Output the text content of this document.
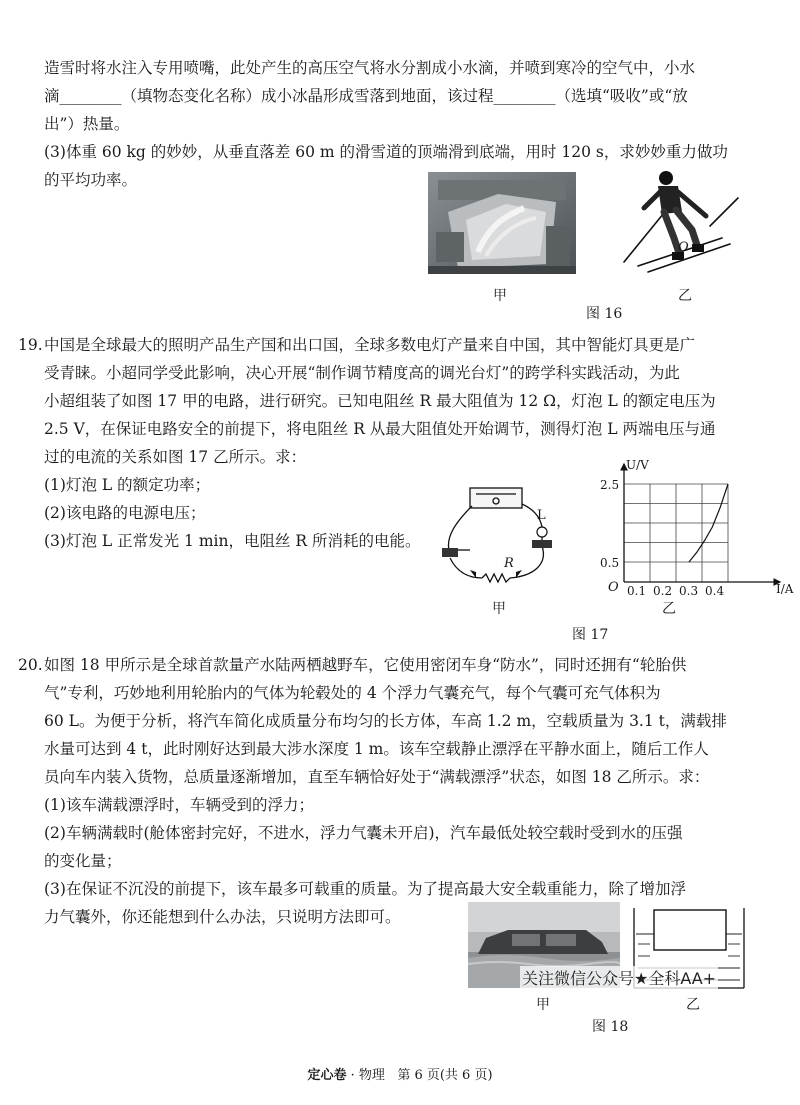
造雪时将水注入专用喷嘴，此处产生的高压空气将水分割成小水滴，并喷到寒冷的空气中，小水
滴________（填物态变化名称）成小冰晶形成雪落到地面，该过程________（选填“吸收”或“放
出”）热量。
(3)体重 60 kg 的妙妙，从垂直落差 60 m 的滑雪道的顶端滑到底端，用时 120 s，求妙妙重力做功
的平均功率。
O
甲	乙
图 16
19. 中国是全球最大的照明产品生产国和出口国，全球多数电灯产量来自中国，其中智能灯具更是广
受青睐。小超同学受此影响，决心开展“制作调节精度高的调光台灯”的跨学科实践活动，为此
小超组装了如图 17 甲的电路，进行研究。已知电阻丝 R 最大阻值为 12 Ω，灯泡 L 的额定电压为
2.5 V，在保证电路安全的前提下，将电阻丝 R 从最大阻值处开始调节，测得灯泡 L 两端电压与通
过的电流的关系如图 17 乙所示。求：
(1)灯泡 L 的额定功率；
(2)该电路的电源电压；
(3)灯泡 L 正常发光 1 min，电阻丝 R 所消耗的电能。
L
R
甲
U/V
I/A
O
2.5
0.5
0.1 0.2 0.3 0.4
乙
图 17
20. 如图 18 甲所示是全球首款量产水陆两栖越野车，它使用密闭车身“防水”，同时还拥有“轮胎供
气”专利，巧妙地利用轮胎内的气体为轮毂处的 4 个浮力气囊充气，每个气囊可充气体积为
60 L。为便于分析，将汽车简化成质量分布均匀的长方体，车高 1.2 m，空载质量为 3.1 t，满载排
水量可达到 4 t，此时刚好达到最大涉水深度 1 m。该车空载静止漂浮在平静水面上，随后工作人
员向车内装入货物，总质量逐渐增加，直至车辆恰好处于“满载漂浮”状态，如图 18 乙所示。求：
(1)该车满载漂浮时，车辆受到的浮力；
(2)车辆满载时(舱体密封完好，不进水，浮力气囊未开启)，汽车最低处较空载时受到水的压强
的变化量；
(3)在保证不沉没的前提下，该车最多可载重的质量。为了提高最大安全载重能力，除了增加浮
力气囊外，你还能想到什么办法，只说明方法即可。
关注微信公众号★全科AA+
甲	乙
图 18
定心卷 · 物理 第 6 页(共 6 页)
